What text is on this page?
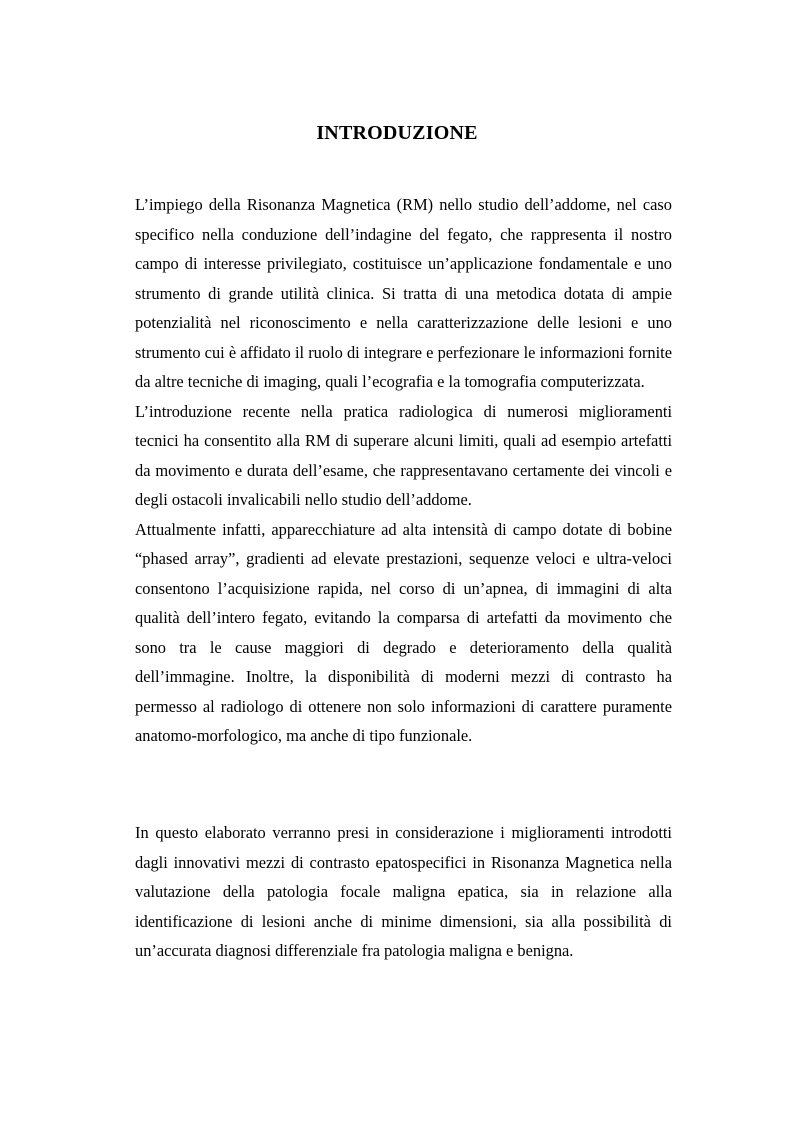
INTRODUZIONE

L’impiego della Risonanza Magnetica (RM) nello studio dell’addome, nel caso specifico nella conduzione dell’indagine del fegato, che rappresenta il nostro campo di interesse privilegiato, costituisce un’applicazione fondamentale e uno strumento di grande utilità clinica. Si tratta di una metodica dotata di ampie potenzialità nel riconoscimento e nella caratterizzazione delle lesioni e uno strumento cui è affidato il ruolo di integrare e perfezionare le informazioni fornite da altre tecniche di imaging, quali l’ecografia e la tomografia computerizzata.

L’introduzione recente nella pratica radiologica di numerosi miglioramenti tecnici ha consentito alla RM di superare alcuni limiti, quali ad esempio artefatti da movimento e durata dell’esame, che rappresentavano certamente dei vincoli e degli ostacoli invalicabili nello studio dell’addome.

Attualmente infatti, apparecchiature ad alta intensità di campo dotate di bobine “phased array”, gradienti ad elevate prestazioni, sequenze veloci e ultra-veloci consentono l’acquisizione rapida, nel corso di un’apnea, di immagini di alta qualità dell’intero fegato, evitando la comparsa di artefatti da movimento che sono tra le cause maggiori di degrado e deterioramento della qualità dell’immagine. Inoltre, la disponibilità di moderni mezzi di contrasto ha permesso al radiologo di ottenere non solo informazioni di carattere puramente anatomo-morfologico, ma anche di tipo funzionale.

In questo elaborato verranno presi in considerazione i miglioramenti introdotti dagli innovativi mezzi di contrasto epatospecifici in Risonanza Magnetica nella valutazione della patologia focale maligna epatica, sia in relazione alla identificazione di lesioni anche di minime dimensioni, sia alla possibilità di un’accurata diagnosi differenziale fra patologia maligna e benigna.
